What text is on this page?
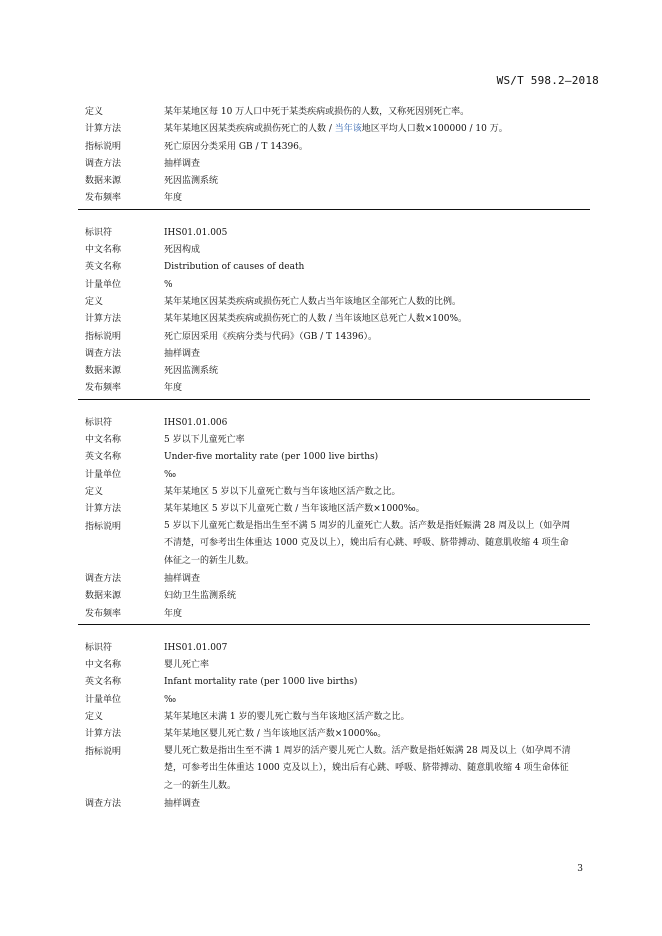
WS/T 598.2—2018
定义	某年某地区每 10 万人口中死于某类疾病或损伤的人数，又称死因别死亡率。
计算方法	某年某地区因某类疾病或损伤死亡的人数 / 当年该地区平均人口数×100000 / 10 万。
指标说明	死亡原因分类采用 GB / T 14396。
调查方法	抽样调查
数据来源	死因监测系统
发布频率	年度
标识符	IHS01.01.005
中文名称	死因构成
英文名称	Distribution of causes of death
计量单位	%
定义	某年某地区因某类疾病或损伤死亡人数占当年该地区全部死亡人数的比例。
计算方法	某年某地区因某类疾病或损伤死亡的人数 / 当年该地区总死亡人数×100%。
指标说明	死亡原因采用《疾病分类与代码》（GB / T 14396）。
调查方法	抽样调查
数据来源	死因监测系统
发布频率	年度
标识符	IHS01.01.006
中文名称	5 岁以下儿童死亡率
英文名称	Under-five mortality rate (per 1000 live births)
计量单位	‰
定义	某年某地区 5 岁以下儿童死亡数与当年该地区活产数之比。
计算方法	某年某地区 5 岁以下儿童死亡数 / 当年该地区活产数×1000‰。
指标说明	5 岁以下儿童死亡数是指出生至不满 5 周岁的儿童死亡人数。活产数是指妊娠满 28 周及以上（如孕周不清楚，可参考出生体重达 1000 克及以上），娩出后有心跳、呼吸、脐带搏动、随意肌收缩 4 项生命体征之一的新生儿数。
调查方法	抽样调查
数据来源	妇幼卫生监测系统
发布频率	年度
标识符	IHS01.01.007
中文名称	婴儿死亡率
英文名称	Infant mortality rate (per 1000 live births)
计量单位	‰
定义	某年某地区未满 1 岁的婴儿死亡数与当年该地区活产数之比。
计算方法	某年某地区婴儿死亡数 / 当年该地区活产数×1000‰。
指标说明	婴儿死亡数是指出生至不满 1 周岁的活产婴儿死亡人数。活产数是指妊娠满 28 周及以上（如孕周不清楚，可参考出生体重达 1000 克及以上），娩出后有心跳、呼吸、脐带搏动、随意肌收缩 4 项生命体征之一的新生儿数。
调查方法	抽样调查
3
